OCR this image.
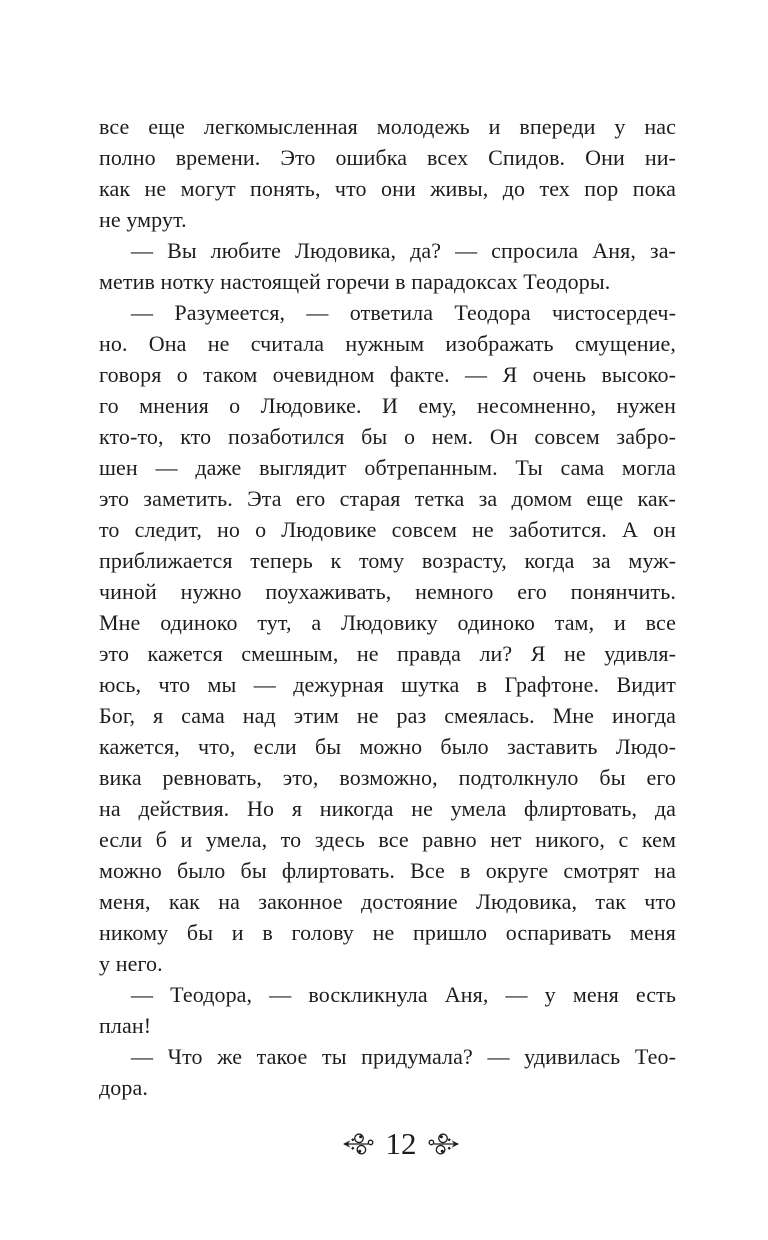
все еще легкомысленная молодежь и впереди у нас
полно времени. Это ошибка всех Спидов. Они ни-
как не могут понять, что они живы, до тех пор пока
не умрут.
— Вы любите Людовика, да? — спросила Аня, за-
метив нотку настоящей горечи в парадоксах Теодоры.
— Разумеется, — ответила Теодора чистосердеч-
но. Она не считала нужным изображать смущение,
говоря о таком очевидном факте. — Я очень высоко-
го мнения о Людовике. И ему, несомненно, нужен
кто-то, кто позаботился бы о нем. Он совсем забро-
шен — даже выглядит обтрепанным. Ты сама могла
это заметить. Эта его старая тетка за домом еще как-
то следит, но о Людовике совсем не заботится. А он
приближается теперь к тому возрасту, когда за муж-
чиной нужно поухаживать, немного его понянчить.
Мне одиноко тут, а Людовику одиноко там, и все
это кажется смешным, не правда ли? Я не удивля-
юсь, что мы — дежурная шутка в Графтоне. Видит
Бог, я сама над этим не раз смеялась. Мне иногда
кажется, что, если бы можно было заставить Людо-
вика ревновать, это, возможно, подтолкнуло бы его
на действия. Но я никогда не умела флиртовать, да
если б и умела, то здесь все равно нет никого, с кем
можно было бы флиртовать. Все в округе смотрят на
меня, как на законное достояние Людовика, так что
никому бы и в голову не пришло оспаривать меня
у него.
— Теодора, — воскликнула Аня, — у меня есть
план!
— Что же такое ты придумала? — удивилась Тео-
дора.
12
